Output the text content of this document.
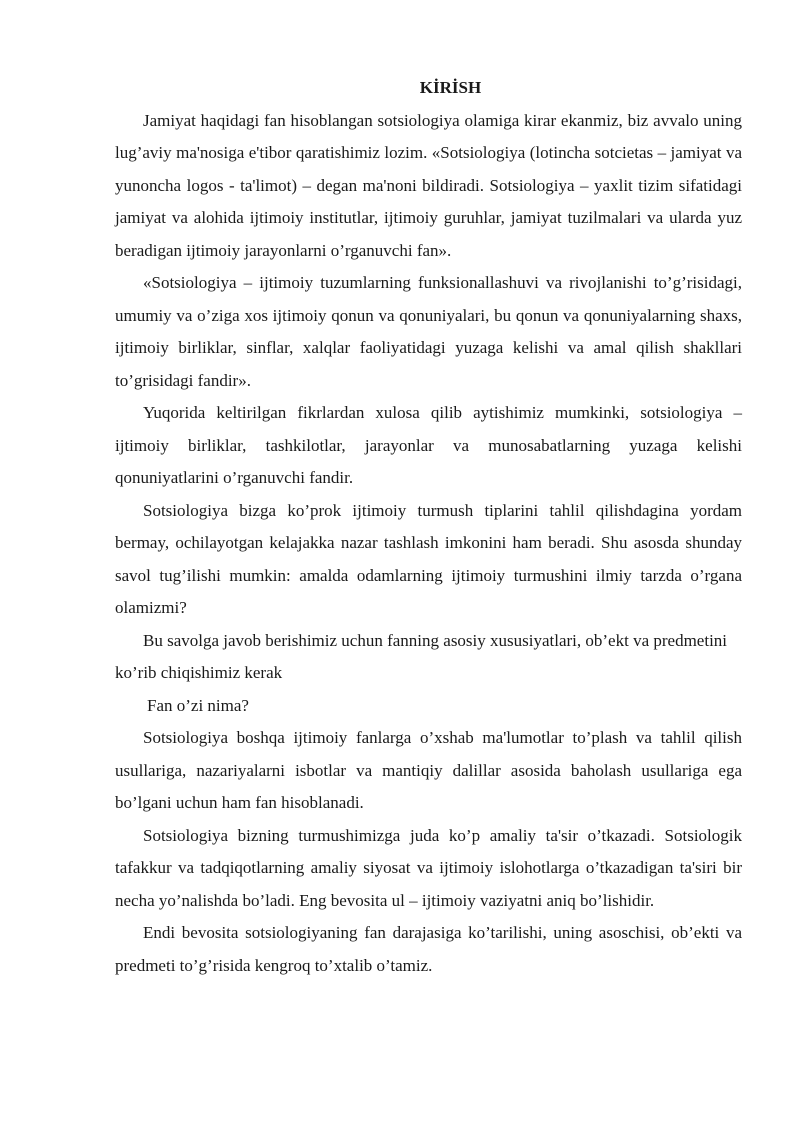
KİRİSH

Jamiyat haqidagi fan hisoblangan sotsiologiya olamiga kirar ekanmiz, biz avvalo uning lug’aviy ma'nosiga e'tibor qaratishimiz lozim. «Sotsiologiya (lotincha sotcietas – jamiyat va yunoncha logos - ta'limot) – degan ma'noni bildiradi. Sotsiologiya – yaxlit tizim sifatidagi jamiyat va alohida ijtimoiy institutlar, ijtimoiy guruhlar, jamiyat tuzilmalari va ularda yuz beradigan ijtimoiy jarayonlarni o’rganuvchi fan».

«Sotsiologiya – ijtimoiy tuzumlarning funksionallashuvi va rivojlanishi to’g’risidagi, umumiy va o’ziga xos ijtimoiy qonun va qonuniyalari, bu qonun va qonuniyalarning shaxs, ijtimoiy birliklar, sinflar, xalqlar faoliyatidagi yuzaga kelishi va amal qilish shakllari to’grisidagi fandir».

Yuqorida keltirilgan fikrlardan xulosa qilib aytishimiz mumkinki, sotsiologiya – ijtimoiy birliklar, tashkilotlar, jarayonlar va munosabatlarning yuzaga kelishi qonuniyatlarini o’rganuvchi fandir.

Sotsiologiya bizga ko’prok ijtimoiy turmush tiplarini tahlil qilishdagina yordam bermay, ochilayotgan kelajakka nazar tashlash imkonini ham beradi. Shu asosda shunday savol tug’ilishi mumkin: amalda odamlarning ijtimoiy turmushini ilmiy tarzda o’rgana olamizmi?

Bu savolga javob berishimiz uchun fanning asosiy xususiyatlari, ob’ekt va predmetini ko’rib chiqishimiz kerak

Fan o’zi nima?

Sotsiologiya boshqa ijtimoiy fanlarga o’xshab ma'lumotlar to’plash va tahlil qilish usullariga, nazariyalarni isbotlar va mantiqiy dalillar asosida baholash usullariga ega bo’lgani uchun ham fan hisoblanadi.

Sotsiologiya bizning turmushimizga juda ko’p amaliy ta'sir o’tkazadi. Sotsiologik tafakkur va tadqiqotlarning amaliy siyosat va ijtimoiy islohotlarga o’tkazadigan ta'siri bir necha yo’nalishda bo’ladi. Eng bevosita ul – ijtimoiy vaziyatni aniq bo’lishidir.

Endi bevosita sotsiologiyaning fan darajasiga ko’tarilishi, uning asoschisi, ob’ekti va predmeti to’g’risida kengroq to’xtalib o’tamiz.
